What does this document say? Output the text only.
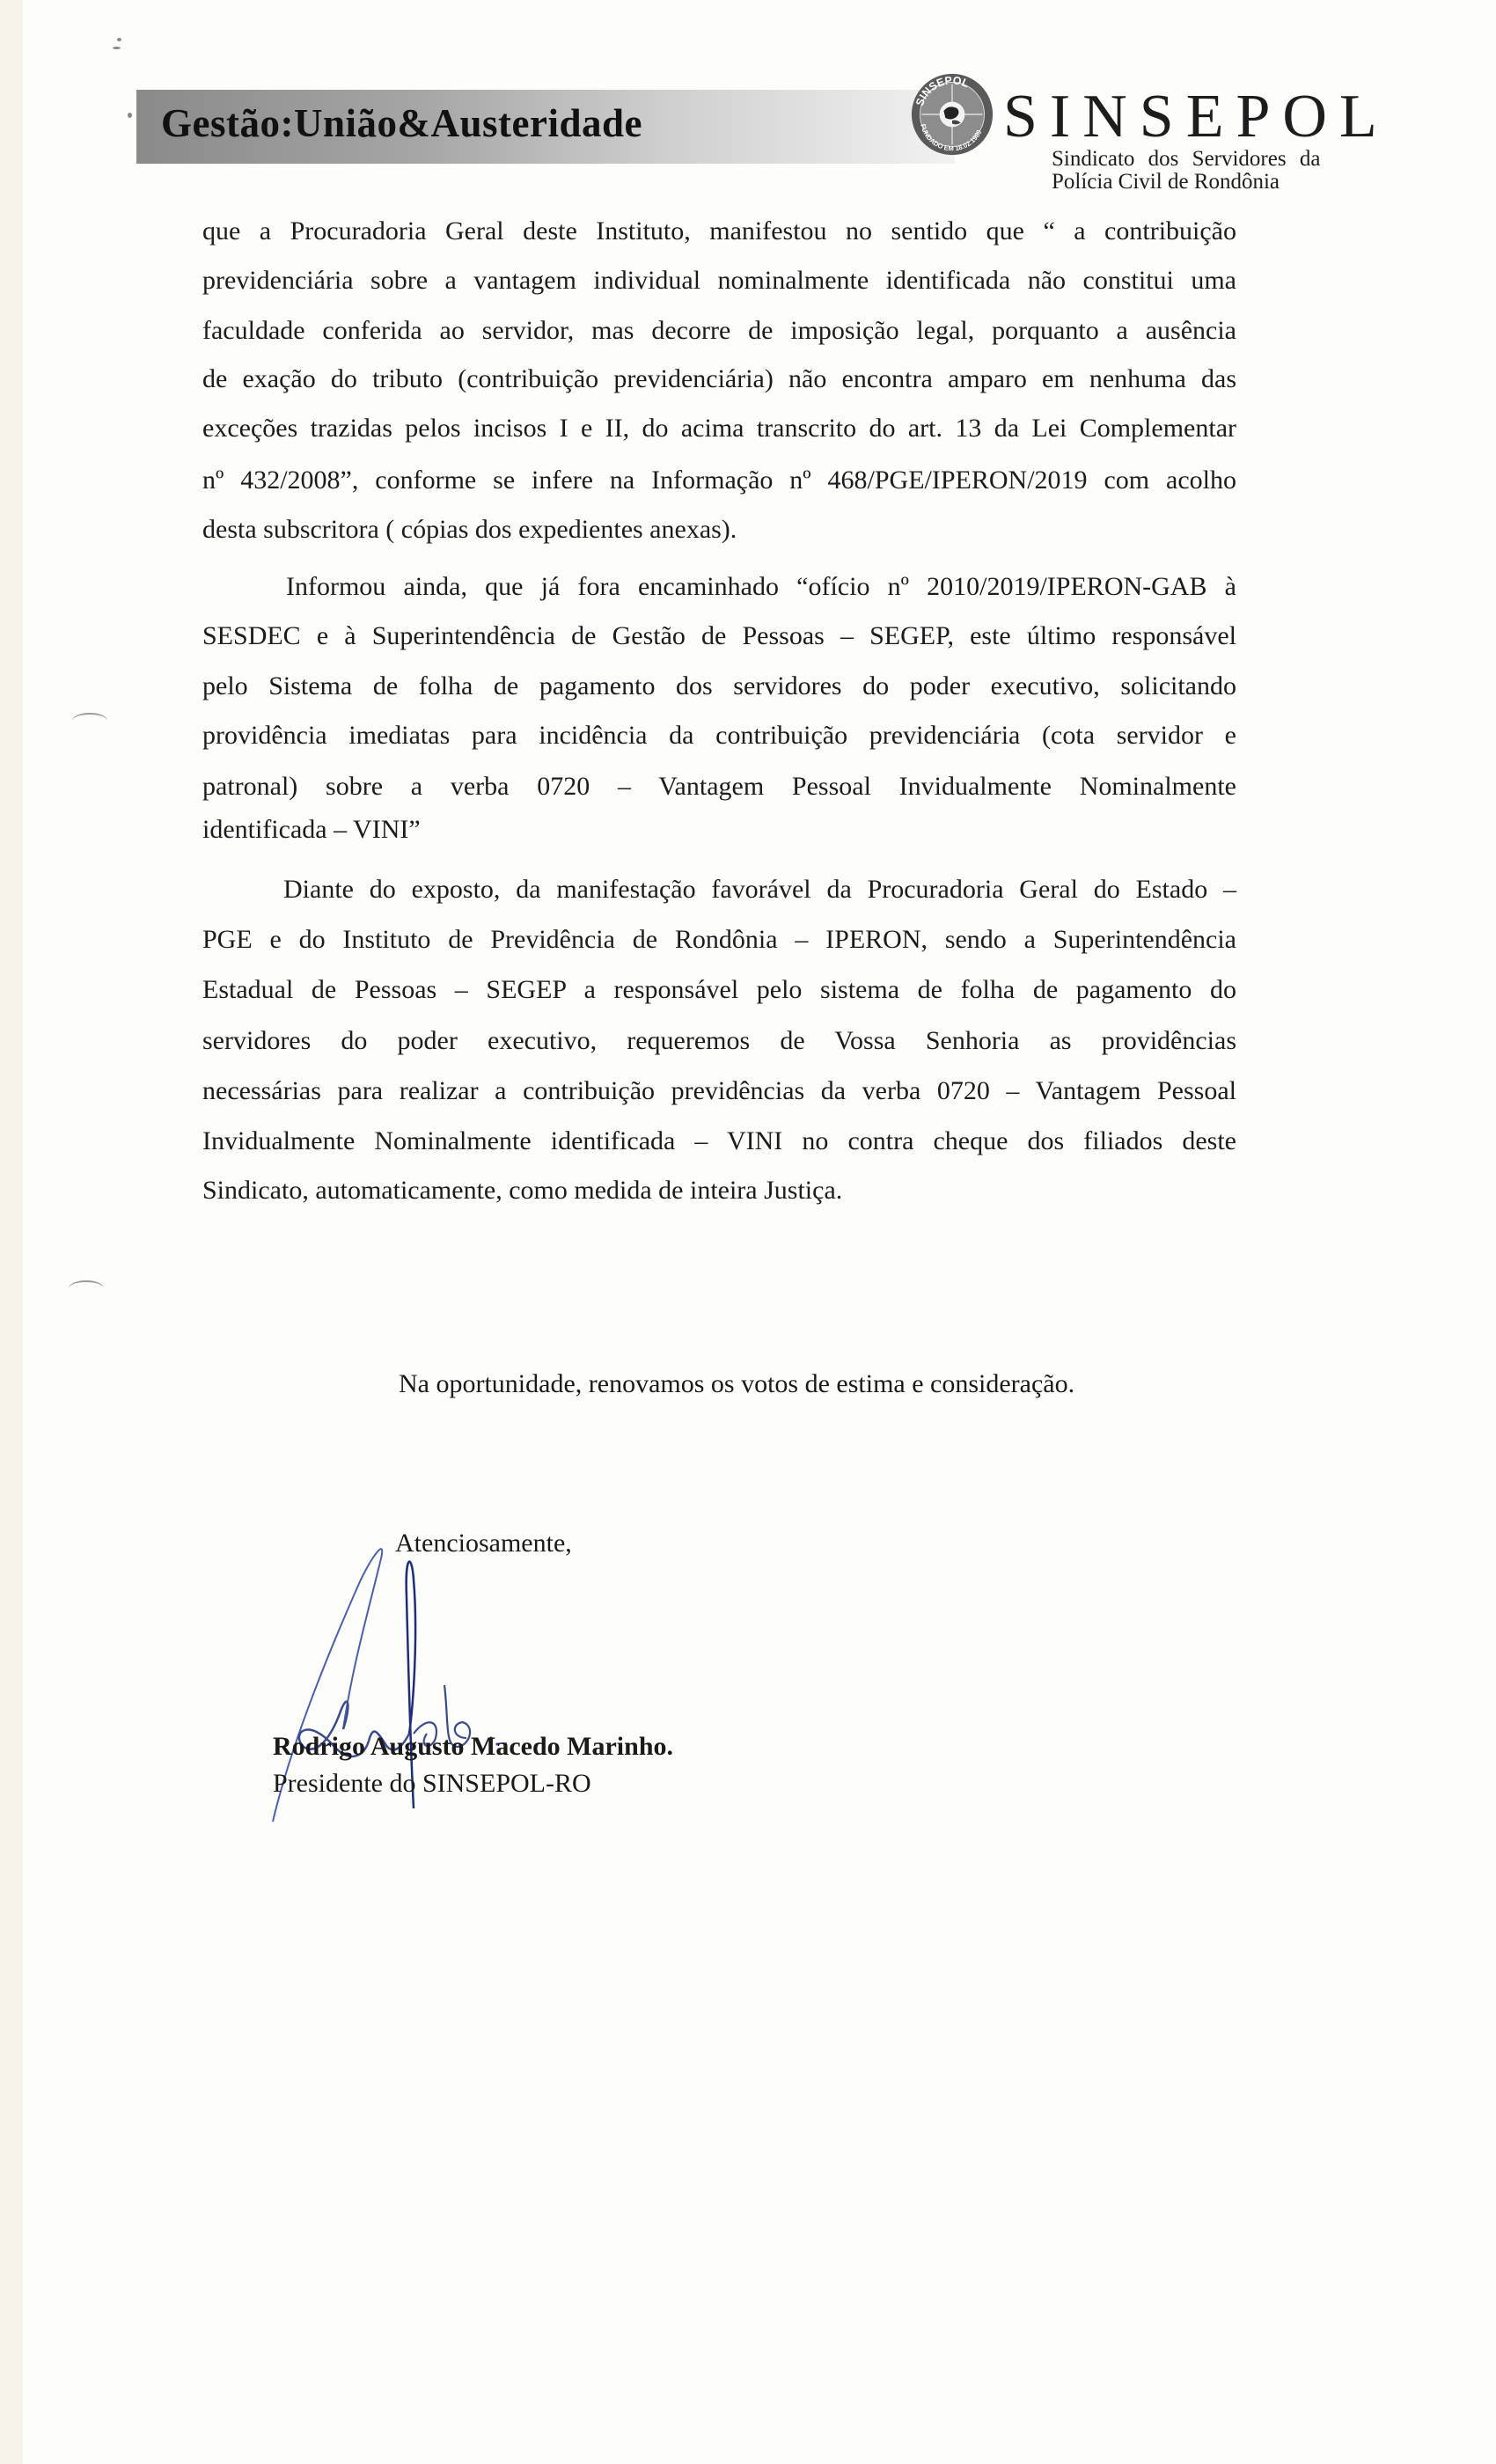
Gestão:União&Austeridade	SINSEPOL
FUNDADO EM 18.02.1989 SINSEPOL
Sindicato dos Servidores da
Polícia Civil de Rondônia
que a Procuradoria Geral deste Instituto, manifestou no sentido que “ a contribuição
previdenciária sobre a vantagem individual nominalmente identificada não constitui uma
faculdade conferida ao servidor, mas decorre de imposição legal, porquanto a ausência
de exação do tributo (contribuição previdenciária) não encontra amparo em nenhuma das
exceções trazidas pelos incisos I e II, do acima transcrito do art. 13 da Lei Complementar
nº 432/2008”, conforme se infere na Informação nº 468/PGE/IPERON/2019 com acolho
desta subscritora ( cópias dos expedientes anexas).
Informou ainda, que já fora encaminhado “ofício nº 2010/2019/IPERON-GAB à
SESDEC e à Superintendência de Gestão de Pessoas – SEGEP, este último responsável
pelo Sistema de folha de pagamento dos servidores do poder executivo, solicitando
providência imediatas para incidência da contribuição previdenciária (cota servidor e
patronal) sobre a verba 0720 – Vantagem Pessoal Invidualmente Nominalmente
identificada – VINI”
Diante do exposto, da manifestação favorável da Procuradoria Geral do Estado –
PGE e do Instituto de Previdência de Rondônia – IPERON, sendo a Superintendência
Estadual de Pessoas – SEGEP a responsável pelo sistema de folha de pagamento do
servidores do poder executivo, requeremos de Vossa Senhoria as providências
necessárias para realizar a contribuição previdências da verba 0720 – Vantagem Pessoal
Invidualmente Nominalmente identificada – VINI no contra cheque dos filiados deste
Sindicato, automaticamente, como medida de inteira Justiça.
Na oportunidade, renovamos os votos de estima e consideração.
Atenciosamente,
Rodrigo Augusto Macedo Marinho.
Presidente do SINSEPOL-RO
